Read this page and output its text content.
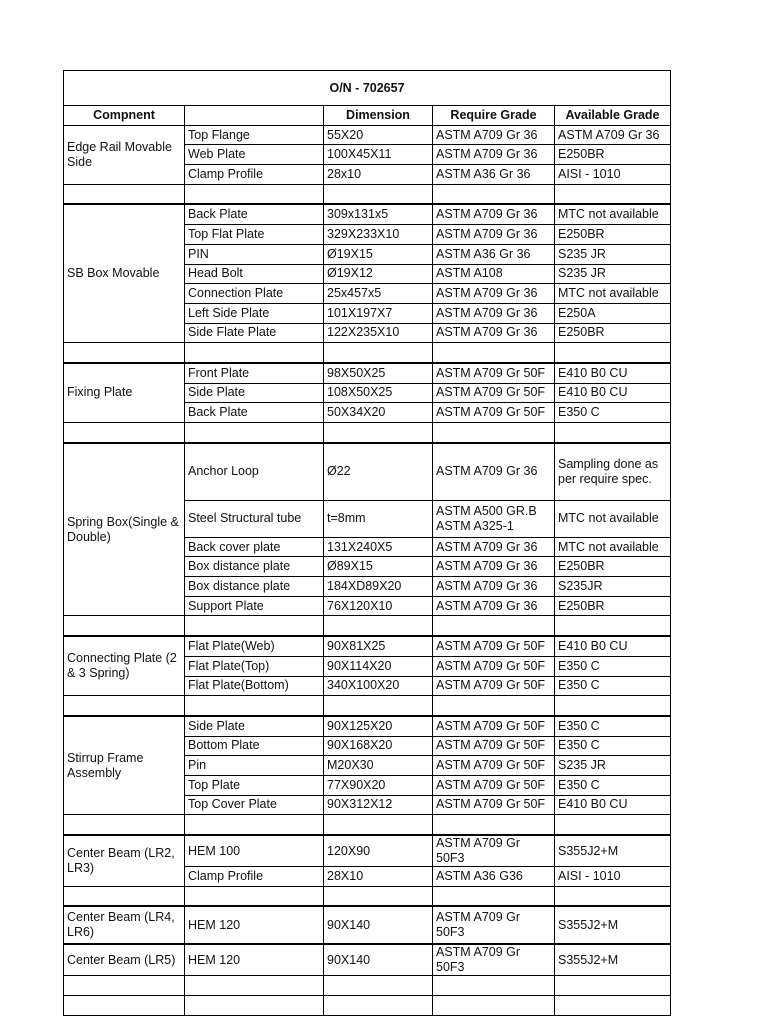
O/N - 702657				
Compnent		Dimension	Require Grade	Available Grade
Edge Rail Movable Side	Top Flange	55X20	ASTM A709 Gr 36	ASTM A709 Gr 36
	Web Plate	100X45X11	ASTM A709 Gr 36	E250BR
	Clamp Profile	28x10	ASTM A36 Gr 36	AISI - 1010

SB Box Movable	Back Plate	309x131x5	ASTM A709 Gr 36	MTC not available
	Top Flat Plate	329X233X10	ASTM A709 Gr 36	E250BR
	PIN	Ø19X15	ASTM A36 Gr 36	S235 JR
	Head Bolt	Ø19X12	ASTM A108	S235 JR
	Connection Plate	25x457x5	ASTM A709 Gr 36	MTC not available
	Left Side Plate	101X197X7	ASTM A709 Gr 36	E250A
	Side Flate Plate	122X235X10	ASTM A709 Gr 36	E250BR

Fixing Plate	Front Plate	98X50X25	ASTM A709 Gr 50F	E410 B0 CU
	Side Plate	108X50X25	ASTM A709 Gr 50F	E410 B0 CU
	Back Plate	50X34X20	ASTM A709 Gr 50F	E350 C

Spring Box(Single & Double)	Anchor Loop	Ø22	ASTM A709 Gr 36	Sampling done as per require spec.
	Steel Structural tube	t=8mm	ASTM A500 GR.B ASTM A325-1	MTC not available
	Back cover plate	131X240X5	ASTM A709 Gr 36	MTC not available
	Box distance plate	Ø89X15	ASTM A709 Gr 36	E250BR
	Box distance plate	184XD89X20	ASTM A709 Gr 36	S235JR
	Support Plate	76X120X10	ASTM A709 Gr 36	E250BR

Connecting Plate (2 & 3 Spring)	Flat Plate(Web)	90X81X25	ASTM A709 Gr 50F	E410 B0 CU
	Flat Plate(Top)	90X114X20	ASTM A709 Gr 50F	E350 C
	Flat Plate(Bottom)	340X100X20	ASTM A709 Gr 50F	E350 C

Stirrup Frame Assembly	Side Plate	90X125X20	ASTM A709 Gr 50F	E350 C
	Bottom Plate	90X168X20	ASTM A709 Gr 50F	E350 C
	Pin	M20X30	ASTM A709 Gr 50F	S235 JR
	Top Plate	77X90X20	ASTM A709 Gr 50F	E350 C
	Top Cover Plate	90X312X12	ASTM A709 Gr 50F	E410 B0 CU

Center Beam (LR2, LR3)	HEM 100	120X90	ASTM A709 Gr 50F3	S355J2+M
	Clamp Profile	28X10	ASTM A36 G36	AISI - 1010

Center Beam (LR4, LR6)	HEM 120	90X140	ASTM A709 Gr 50F3	S355J2+M
Center Beam (LR5)	HEM 120	90X140	ASTM A709 Gr 50F3	S355J2+M
